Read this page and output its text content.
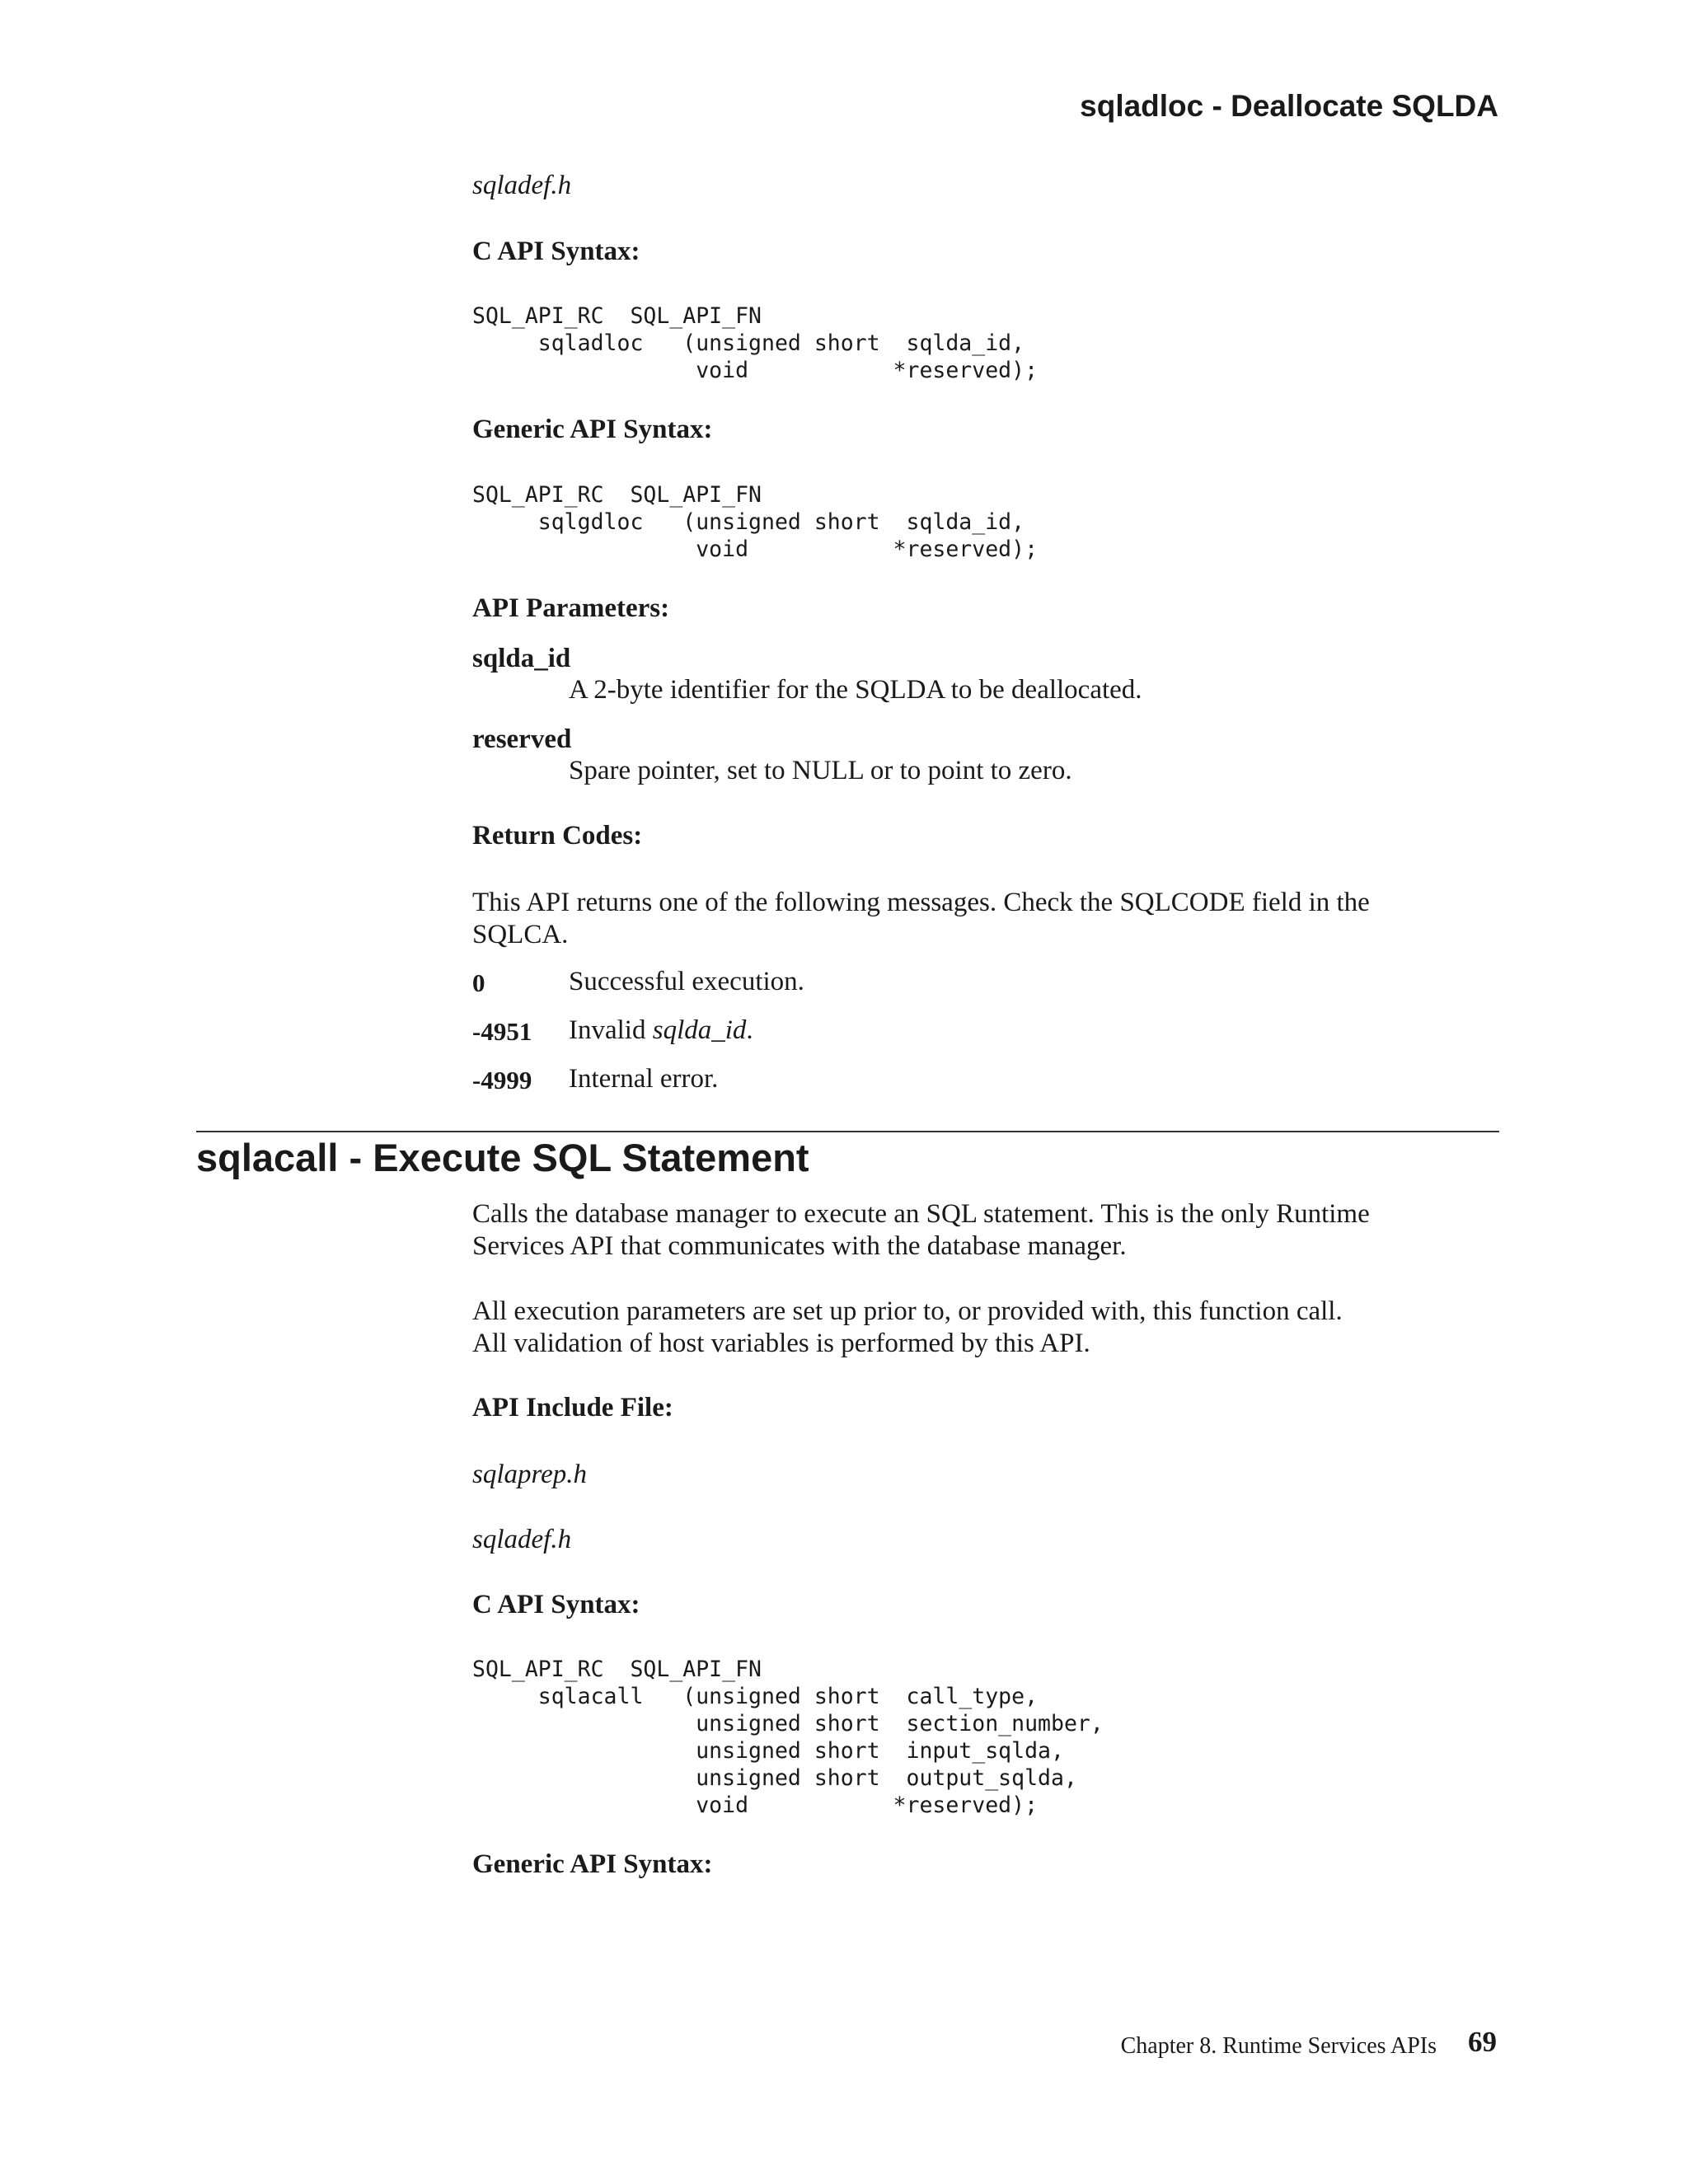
sqladloc - Deallocate SQLDA
sqladef.h
C API Syntax:
SQL_API_RC  SQL_API_FN
sqladloc   (unsigned short  sqlda_id,
void           *reserved);
Generic API Syntax:
SQL_API_RC  SQL_API_FN
sqlgdloc   (unsigned short  sqlda_id,
void           *reserved);
API Parameters:
sqlda_id
A 2-byte identifier for the SQLDA to be deallocated.
reserved
Spare pointer, set to NULL or to point to zero.
Return Codes:
This API returns one of the following messages. Check the SQLCODE field in the
SQLCA.
0	Successful execution.
-4951 Invalid sqlda_id.
-4999 Internal error.
sqlacall - Execute SQL Statement
Calls the database manager to execute an SQL statement. This is the only Runtime
Services API that communicates with the database manager.
All execution parameters are set up prior to, or provided with, this function call.
All validation of host variables is performed by this API.
API Include File:
sqlaprep.h
sqladef.h
C API Syntax:
SQL_API_RC  SQL_API_FN
sqlacall   (unsigned short  call_type,
unsigned short  section_number,
unsigned short  input_sqlda,
unsigned short  output_sqlda,
void           *reserved);
Generic API Syntax:
Chapter 8. Runtime Services APIs 69
